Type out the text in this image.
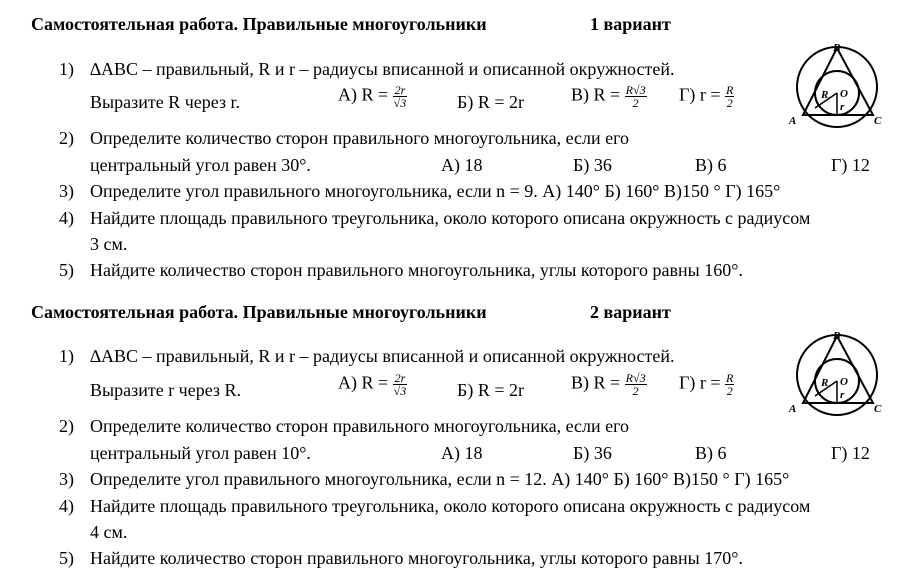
Самостоятельная работа. Правильные многоугольники	1 вариант
1) ∆ABC – правильный, R и r – радиусы вписанной и описанной окружностей.
Выразите R через r.	А) $R = \frac{2r}{√3}$	Б) R = 2r	В) $R = \frac{R√3}{2} Г$) $r = \frac{R}{2}$
2) Определите количество сторон правильного многоугольника, если его
центральный угол равен 30°.	А) 18	Б) 36	В) 6	Г) 12
3) Определите угол правильного многоугольника, если n = 9. А) 140° Б) 160° В)150 ° Г) 165°
4) Найдите площадь правильного треугольника, около которого описана окружность с радиусом
3 см.
5) Найдите количество сторон правильного многоугольника, углы которого равны 160°.
B
A	C
O
R
r
Самостоятельная работа. Правильные многоугольники	2 вариант
1) ∆ABC – правильный, R и r – радиусы вписанной и описанной окружностей.
Выразите r через R.	А) $R = \frac{2r}{√3}$	Б) R = 2r	В) $R = \frac{R√3}{2} Г$) $r = \frac{R}{2}$
2) Определите количество сторон правильного многоугольника, если его
центральный угол равен 10°.	А) 18	Б) 36	В) 6	Г) 12
3) Определите угол правильного многоугольника, если n = 12. А) 140° Б) 160° В)150 ° Г) 165°
4) Найдите площадь правильного треугольника, около которого описана окружность с радиусом
4 см.
5) Найдите количество сторон правильного многоугольника, углы которого равны 170°.
B
A	C
O
R
r
